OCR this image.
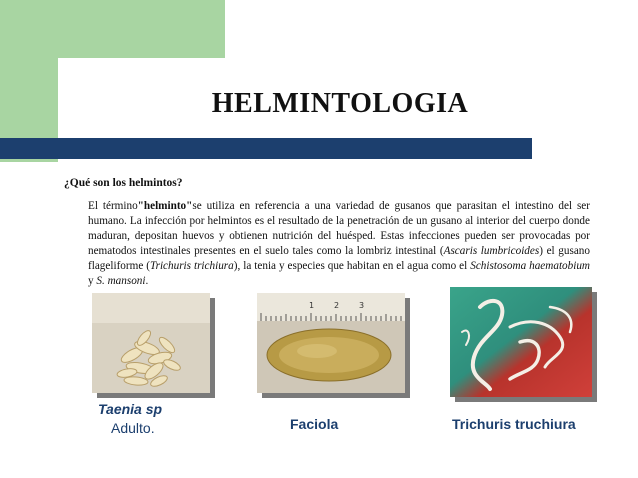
HELMINTOLOGIA
¿Qué son los helmintos?
El término"helminto"se utiliza en referencia a una variedad de gusanos que parasitan el intestino del ser humano. La infección por helmintos es el resultado de la penetración de un gusano al interior del cuerpo donde maduran, depositan huevos y obtienen nutrición del huésped. Estas infecciones pueden ser provocadas por nematodos intestinales presentes en el suelo tales como la lombriz intestinal (Ascaris lumbricoides) el gusano flageliforme (Trichuris trichiura), la tenia y especies que habitan en el agua como el Schistosoma haematobium y S. mansoni.
1 2 3
Taenia sp
Adulto.	Faciola	Trichuris truchiura
